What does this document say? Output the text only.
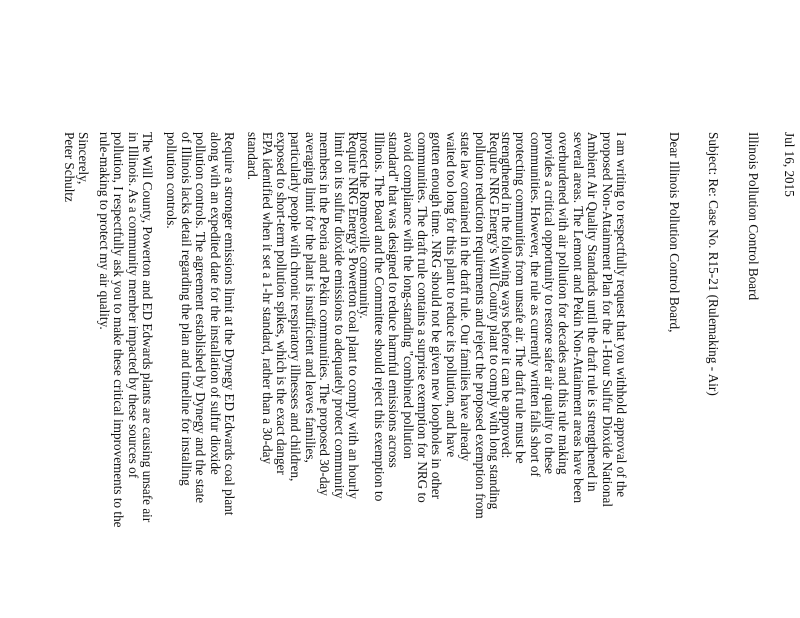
Jul 16, 2015
Illinois Pollution Control Board
Subject: Re: Case No. R15-21 (Rulemaking - Air)
Dear Illinois Pollution Control Board,
I am writing to respectfully request that you withhold approval of the
proposed Non-Attainment Plan for the 1-Hour Sulfur Dioxide National
Ambient Air Quality Standards until the draft rule is strengthened in
several areas. The Lemont and Pekin Non-Attainment areas have been
overburdened with air pollution for decades and this rule making
provides a critical opportunity to restore safer air quality to these
communities. However, the rule as currently written falls short of
protecting communities from unsafe air. The draft rule must be
strengthened in the following ways before it can be approved:
Require NRG Energy's Will County plant to comply with long standing
pollution reduction requirements and reject the proposed exemption from
state law contained in the draft rule. Our families have already
waited too long for this plant to reduce its pollution, and have
gotten enough time. NRG should not be given new loopholes in other
communities. The draft rule contains a surprise exemption for NRG to
avoid compliance with the long-standing "combined pollution
standard" that was designed to reduce harmful emissions across
Illinois. The Board and the Committee should reject this exemption to
protect the Romeoville community.
Require NRG Energy's Powerton coal plant to comply with an hourly
limit on its sulfur dioxide emissions to adequately protect community
members in the Peoria and Pekin communities. The proposed 30-day
averaging limit for the plant is insufficient and leaves families,
particularly people with chronic respiratory illnesses and children,
exposed to short-term pollution spikes, which is the exact danger
EPA identified when it set a 1-hr standard, rather than a 30-day
standard.
Require a stronger emissions limit at the Dynegy ED Edwards coal plant
along with an expedited date for the installation of sulfur dioxide
pollution controls. The agreement established by Dynegy and the state
of Illinois lacks detail regarding the plan and timeline for installing
pollution controls.
The Will County, Powerton and ED Edwards plants are causing unsafe air
in Illinois. As a community member impacted by these sources of
pollution, I respectfully ask you to make these critical improvements to the
rule-making to protect my air quality.
Sincerely,
Peter Schultz
